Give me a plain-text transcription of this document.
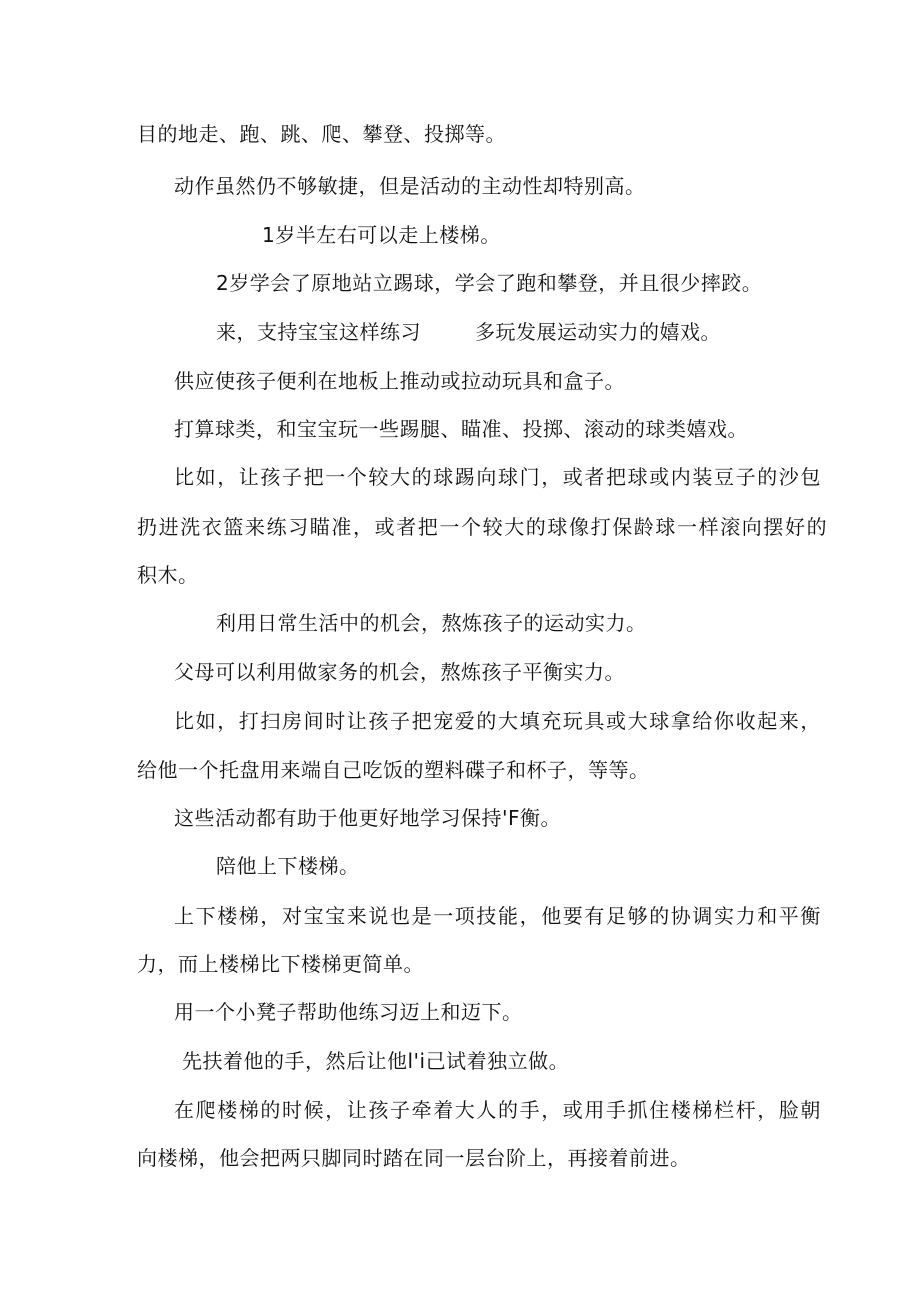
目的地走、跑、跳、爬、攀登、投掷等。
动作虽然仍不够敏捷，但是活动的主动性却特别高。
1岁半左右可以走上楼梯。
2岁学会了原地站立踢球，学会了跑和攀登，并且很少摔跤。
来，支持宝宝这样练习	多玩发展运动实力的嬉戏。
供应使孩子便利在地板上推动或拉动玩具和盒子。
打算球类，和宝宝玩一些踢腿、瞄准、投掷、滚动的球类嬉戏。
比如，让孩子把一个较大的球踢向球门，或者把球或内装豆子的沙包
扔进洗衣篮来练习瞄准，或者把一个较大的球像打保龄球一样滚向摆好的
积木。
利用日常生活中的机会，熬炼孩子的运动实力。
父母可以利用做家务的机会，熬炼孩子平衡实力。
比如，打扫房间时让孩子把宠爱的大填充玩具或大球拿给你收起来，
给他一个托盘用来端自己吃饭的塑料碟子和杯子，等等。
这些活动都有助于他更好地学习保持'F衡。
陪他上下楼梯。
上下楼梯，对宝宝来说也是一项技能，他要有足够的协调实力和平衡
力，而上楼梯比下楼梯更简单。
用一个小凳子帮助他练习迈上和迈下。
先扶着他的手，然后让他l'i己试着独立做。
在爬楼梯的时候，让孩子牵着大人的手，或用手抓住楼梯栏杆，脸朝
向楼梯，他会把两只脚同时踏在同一层台阶上，再接着前进。
